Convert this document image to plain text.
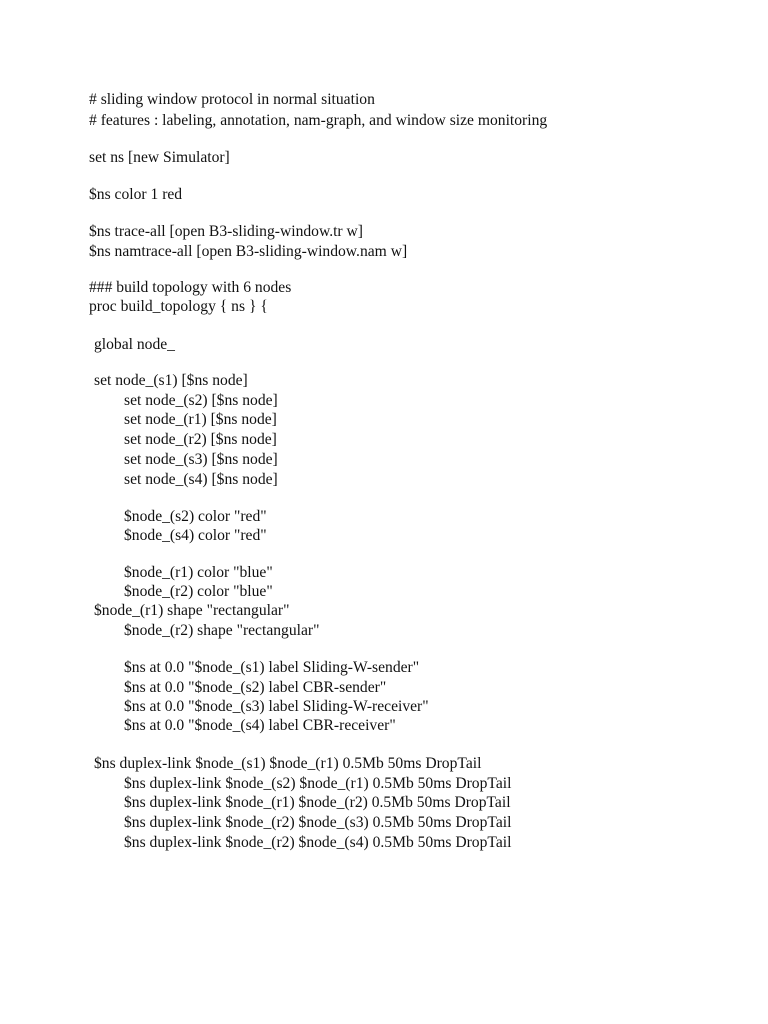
# sliding window protocol in normal situation

# features : labeling, annotation, nam-graph, and window size monitoring

set ns [new Simulator]

$ns color 1 red

$ns trace-all [open B3-sliding-window.tr w]

$ns namtrace-all [open B3-sliding-window.nam w]

### build topology with 6 nodes

proc build_topology { ns } {

global node_

set node_(s1) [$ns node]

set node_(s2) [$ns node]

set node_(r1) [$ns node]

set node_(r2) [$ns node]

set node_(s3) [$ns node]

set node_(s4) [$ns node]

$node_(s2) color "red"

$node_(s4) color "red"

$node_(r1) color "blue"

$node_(r2) color "blue"

$node_(r1) shape "rectangular"

$node_(r2) shape "rectangular"

$ns at 0.0 "$node_(s1) label Sliding-W-sender"

$ns at 0.0 "$node_(s2) label CBR-sender"

$ns at 0.0 "$node_(s3) label Sliding-W-receiver"

$ns at 0.0 "$node_(s4) label CBR-receiver"

$ns duplex-link $node_(s1) $node_(r1) 0.5Mb 50ms DropTail

$ns duplex-link $node_(s2) $node_(r1) 0.5Mb 50ms DropTail

$ns duplex-link $node_(r1) $node_(r2) 0.5Mb 50ms DropTail

$ns duplex-link $node_(r2) $node_(s3) 0.5Mb 50ms DropTail

$ns duplex-link $node_(r2) $node_(s4) 0.5Mb 50ms DropTail
